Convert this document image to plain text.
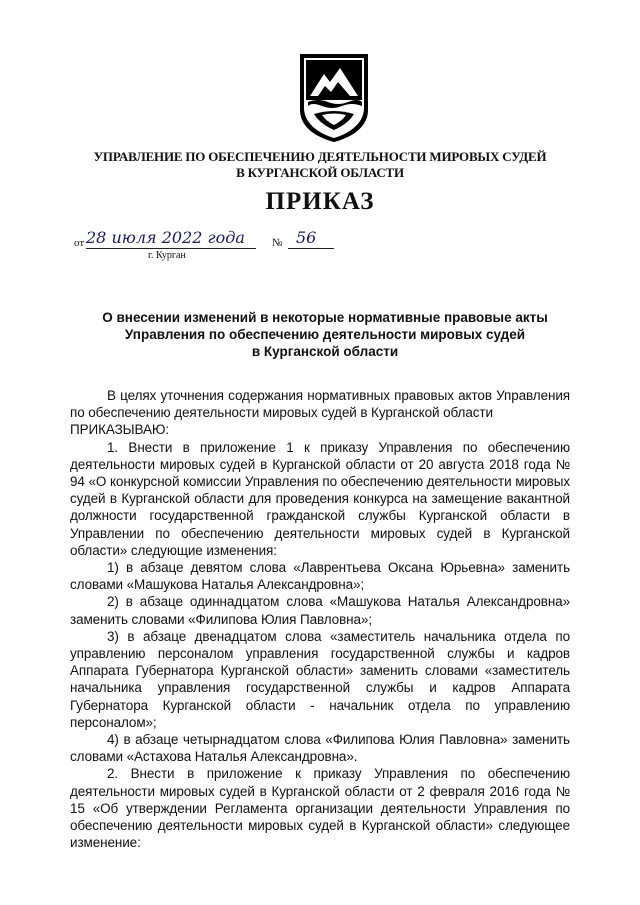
УПРАВЛЕНИЕ ПО ОБЕСПЕЧЕНИЮ ДЕЯТЕЛЬНОСТИ МИРОВЫХ СУДЕЙ
В КУРГАНСКОЙ ОБЛАСТИ
ПРИКАЗ
от 28 июля 2022 года	№ 56
г. Курган
О внесении изменений в некоторые нормативные правовые акты
Управления по обеспечению деятельности мировых судей
в Курганской области

В целях уточнения содержания нормативных правовых актов Управления по обеспечению деятельности мировых судей в Курганской области

ПРИКАЗЫВАЮ:

1. Внести в приложение 1 к приказу Управления по обеспечению деятельности мировых судей в Курганской области от 20 августа 2018 года № 94 «О конкурсной комиссии Управления по обеспечению деятельности мировых судей в Курганской области для проведения конкурса на замещение вакантной должности государственной гражданской службы Курганской области в Управлении по обеспечению деятельности мировых судей в Курганской области» следующие изменения:

1) в абзаце девятом слова «Лаврентьева Оксана Юрьевна» заменить словами «Машукова Наталья Александровна»;

2) в абзаце одиннадцатом слова «Машукова Наталья Александровна» заменить словами «Филипова Юлия Павловна»;

3) в абзаце двенадцатом слова «заместитель начальника отдела по управлению персоналом управления государственной службы и кадров Аппарата Губернатора Курганской области» заменить словами «заместитель начальника управления государственной службы и кадров Аппарата Губернатора Курганской области - начальник отдела по управлению персоналом»;

4) в абзаце четырнадцатом слова «Филипова Юлия Павловна» заменить словами «Астахова Наталья Александровна».

2. Внести в приложение к приказу Управления по обеспечению деятельности мировых судей в Курганской области от 2 февраля 2016 года № 15 «Об утверждении Регламента организации деятельности Управления по обеспечению деятельности мировых судей в Курганской области» следующее изменение:
